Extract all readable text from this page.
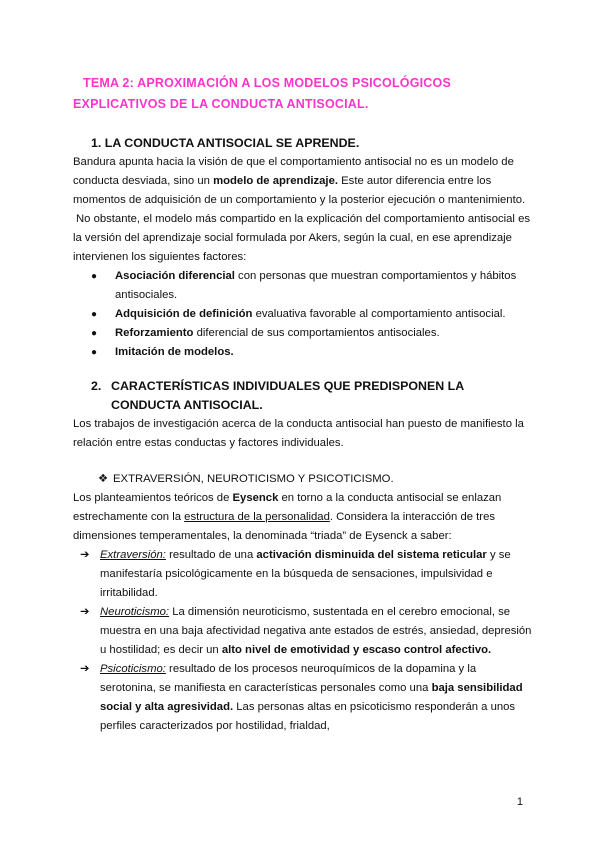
TEMA 2: APROXIMACIÓN A LOS MODELOS PSICOLÓGICOS EXPLICATIVOS DE LA CONDUCTA ANTISOCIAL.
1. LA CONDUCTA ANTISOCIAL SE APRENDE.

Bandura apunta hacia la visión de que el comportamiento antisocial no es un modelo de conducta desviada, sino un modelo de aprendizaje. Este autor diferencia entre los momentos de adquisición de un comportamiento y la posterior ejecución o mantenimiento.

No obstante, el modelo más compartido en la explicación del comportamiento antisocial es la versión del aprendizaje social formulada por Akers, según la cual, en ese aprendizaje intervienen los siguientes factores:

●	Asociación diferencial con personas que muestran comportamientos y hábitos antisociales.
●	Adquisición de definición evaluativa favorable al comportamiento antisocial.
●	Reforzamiento diferencial de sus comportamientos antisociales.
●	Imitación de modelos.
2. CARACTERÍSTICAS INDIVIDUALES QUE PREDISPONEN LA CONDUCTA ANTISOCIAL.

Los trabajos de investigación acerca de la conducta antisocial han puesto de manifiesto la relación entre estas conductas y factores individuales.

❖ EXTRAVERSIÓN, NEUROTICISMO Y PSICOTICISMO.

Los planteamientos teóricos de Eysenck en torno a la conducta antisocial se enlazan estrechamente con la estructura de la personalidad. Considera la interacción de tres dimensiones temperamentales, la denominada “triada” de Eysenck a saber:

➔ Extraversión: resultado de una activación disminuida del sistema reticular y se manifestaría psicológicamente en la búsqueda de sensaciones, impulsividad e irritabilidad.
➔ Neuroticismo: La dimensión neuroticismo, sustentada en el cerebro emocional, se muestra en una baja afectividad negativa ante estados de estrés, ansiedad, depresión u hostilidad; es decir un alto nivel de emotividad y escaso control afectivo.
➔ Psicoticismo: resultado de los procesos neuroquímicos de la dopamina y la serotonina, se manifiesta en características personales como una baja sensibilidad social y alta agresividad. Las personas altas en psicoticismo responderán a unos perfiles caracterizados por hostilidad, frialdad,
1
